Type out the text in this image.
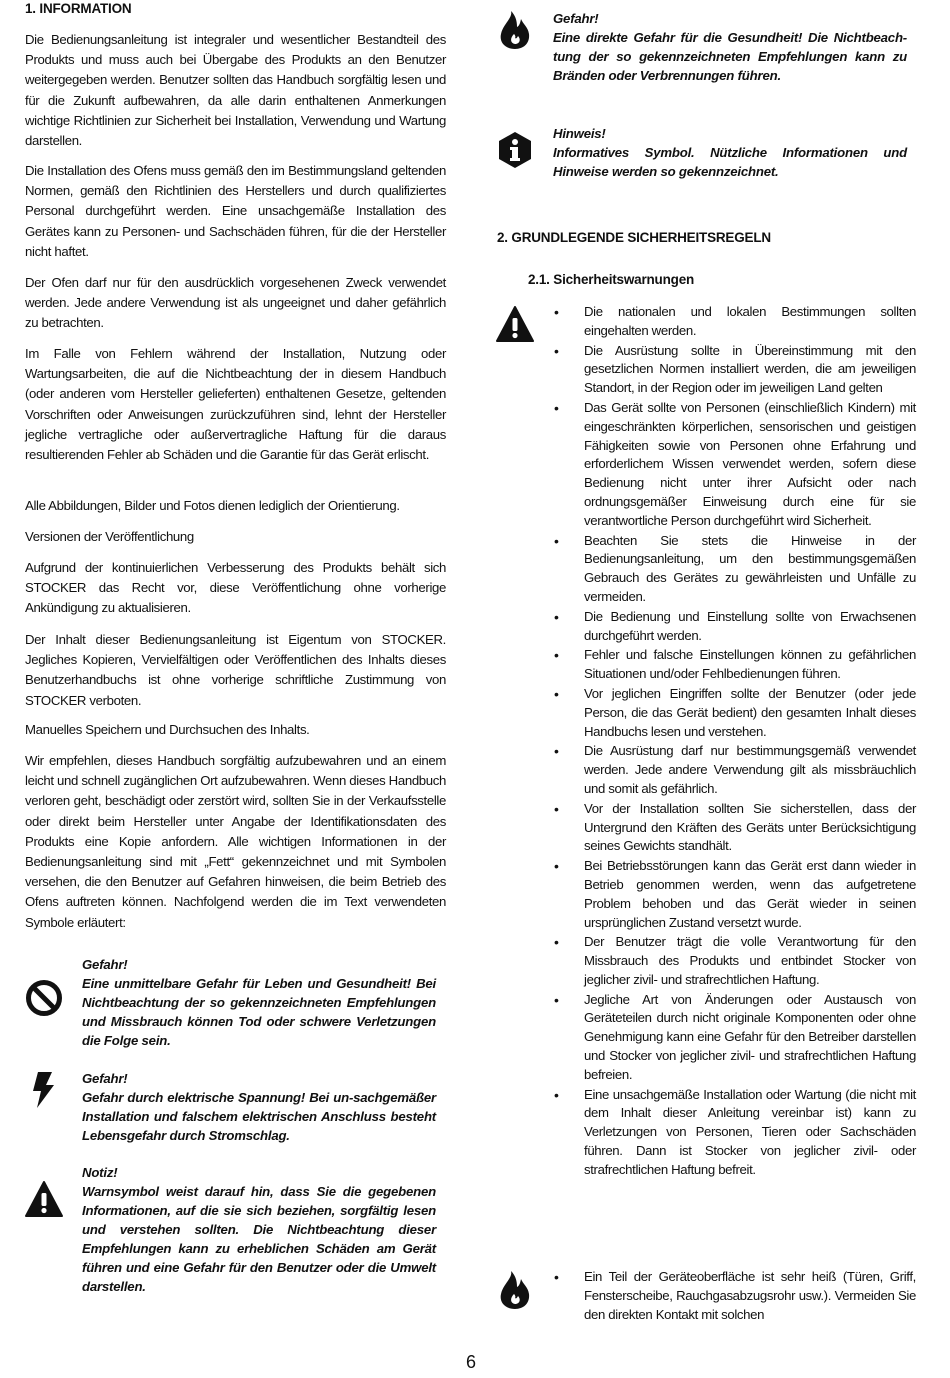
1. INFORMATION

Die Bedienungsanleitung ist integraler und wesentlicher Bestandteil des Produkts und muss auch bei Übergabe des Produkts an den Benutzer weitergegeben werden. Benutzer sollten das Handbuch sorgfältig lesen und für die Zukunft aufbewahren, da alle darin enthaltenen Anmerkungen wichtige Richtlinien zur Sicherheit bei Installation, Verwendung und Wartung darstellen.

Die Installation des Ofens muss gemäß den im Bestimmungsland geltenden Normen, gemäß den Richtlinien des Herstellers und durch qualifiziertes Personal durchgeführt werden. Eine unsachgemäße Installation des Gerätes kann zu Personen- und Sachschäden führen, für die der Hersteller nicht haftet.

Der Ofen darf nur für den ausdrücklich vorgesehenen Zweck verwendet werden. Jede andere Verwendung ist als ungeeignet und daher gefährlich zu betrachten.

Im Falle von Fehlern während der Installation, Nutzung oder Wartungsarbeiten, die auf die Nichtbeachtung der in diesem Handbuch (oder anderen vom Hersteller gelieferten) enthaltenen Gesetze, geltenden Vorschriften oder Anweisungen zurückzuführen sind, lehnt der Hersteller jegliche vertragliche oder außervertragliche Haftung für die daraus resultierenden Fehler ab Schäden und die Garantie für das Gerät erlischt.

Alle Abbildungen, Bilder und Fotos dienen lediglich der Orientierung.

Versionen der Veröffentlichung

Aufgrund der kontinuierlichen Verbesserung des Produkts behält sich STOCKER das Recht vor, diese Veröffentlichung ohne vorherige Ankündigung zu aktualisieren.

Der Inhalt dieser Bedienungsanleitung ist Eigentum von STOCKER. Jegliches Kopieren, Vervielfältigen oder Veröffentlichen des Inhalts dieses Benutzerhandbuchs ist ohne vorherige schriftliche Zustimmung von STOCKER verboten.

Manuelles Speichern und Durchsuchen des Inhalts.

Wir empfehlen, dieses Handbuch sorgfältig aufzubewahren und an einem leicht und schnell zugänglichen Ort aufzubewahren. Wenn dieses Handbuch verloren geht, beschädigt oder zerstört wird, sollten Sie in der Verkaufsstelle oder direkt beim Hersteller unter Angabe der Identifikationsdaten des Produkts eine Kopie anfordern. Alle wichtigen Informationen in der Bedienungsanleitung sind mit „Fett“ gekennzeichnet und mit Symbolen versehen, die den Benutzer auf Gefahren hinweisen, die beim Betrieb des Ofens auftreten können. Nachfolgend werden die im Text verwendeten Symbole erläutert:

Gefahr!
Eine unmittelbare Gefahr für Leben und Gesundheit! Bei Nichtbeachtung der so gekennzeichneten Empfehlungen und Missbrauch können Tod oder schwere Verletzungen die Folge sein.
Gefahr!
Gefahr durch elektrische Spannung! Bei un-sachgemäßer Installation und falschem elektrischen Anschluss besteht Lebensgefahr durch Stromschlag.
Notiz!
Warnsymbol weist darauf hin, dass Sie die gegebenen Informationen, auf die sie sich beziehen, sorgfältig lesen und verstehen sollten. Die Nichtbeachtung dieser Empfehlungen kann zu erheblichen Schäden am Gerät führen und eine Gefahr für den Benutzer oder die Umwelt darstellen.
Gefahr!
Eine direkte Gefahr für die Gesundheit! Die Nichtbeach-tung der so gekennzeichneten Empfehlungen kann zu Bränden oder Verbrennungen führen.
Hinweis!
Informatives Symbol. Nützliche Informationen und Hinweise werden so gekennzeichnet.
2. GRUNDLEGENDE SICHERHEITSREGELN
2.1. Sicherheitswarnungen
• Die nationalen und lokalen Bestimmungen sollten eingehalten werden.
• Die Ausrüstung sollte in Übereinstimmung mit den gesetzlichen Normen installiert werden, die am jeweiligen Standort, in der Region oder im jeweiligen Land gelten
• Das Gerät sollte von Personen (einschließlich Kindern) mit eingeschränkten körperlichen, sensorischen und geistigen Fähigkeiten sowie von Personen ohne Erfahrung und erforderlichem Wissen verwendet werden, sofern diese Bedienung nicht unter ihrer Aufsicht oder nach ordnungsgemäßer Einweisung durch eine für sie verantwortliche Person durchgeführt wird Sicherheit.
• Beachten Sie stets die Hinweise in der Bedienungsanleitung, um den bestimmungsgemäßen Gebrauch des Gerätes zu gewährleisten und Unfälle zu vermeiden.
• Die Bedienung und Einstellung sollte von Erwachsenen durchgeführt werden.
• Fehler und falsche Einstellungen können zu gefährlichen Situationen und/oder Fehlbedienungen führen.
• Vor jeglichen Eingriffen sollte der Benutzer (oder jede Person, die das Gerät bedient) den gesamten Inhalt dieses Handbuchs lesen und verstehen.
• Die Ausrüstung darf nur bestimmungsgemäß verwendet werden. Jede andere Verwendung gilt als missbräuchlich und somit als gefährlich.
• Vor der Installation sollten Sie sicherstellen, dass der Untergrund den Kräften des Geräts unter Berücksichtigung seines Gewichts standhält.
• Bei Betriebsstörungen kann das Gerät erst dann wieder in Betrieb genommen werden, wenn das aufgetretene Problem behoben und das Gerät wieder in seinen ursprünglichen Zustand versetzt wurde.
• Der Benutzer trägt die volle Verantwortung für den Missbrauch des Produkts und entbindet Stocker von jeglicher zivil- und strafrechtlichen Haftung.
• Jegliche Art von Änderungen oder Austausch von Geräteteilen durch nicht originale Komponenten oder ohne Genehmigung kann eine Gefahr für den Betreiber darstellen und Stocker von jeglicher zivil- und strafrechtlichen Haftung befreien.
• Eine unsachgemäße Installation oder Wartung (die nicht mit dem Inhalt dieser Anleitung vereinbar ist) kann zu Verletzungen von Personen, Tieren oder Sachschäden führen. Dann ist Stocker von jeglicher zivil- oder strafrechtlichen Haftung befreit.
• Ein Teil der Geräteoberfläche ist sehr heiß (Türen, Griff, Fensterscheibe, Rauchgasabzugsrohr usw.). Vermeiden Sie den direkten Kontakt mit solchen
6
